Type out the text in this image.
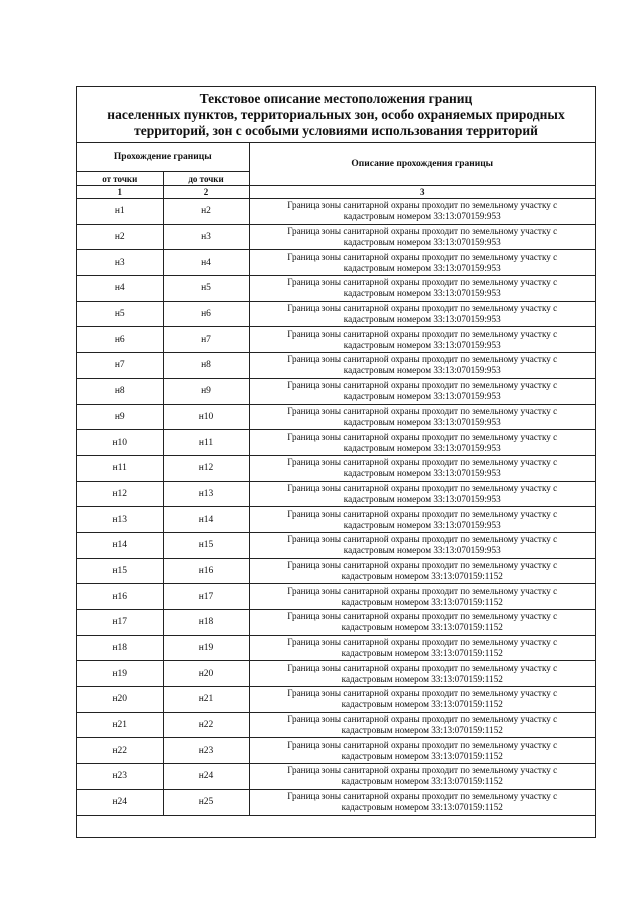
Текстовое описание местоположения границ
населенных пунктов, территориальных зон, особо охраняемых природных
территорий, зон с особыми условиями использования территорий
Прохождение границы		Описание прохождения границы
от точки	до точки	
1	2	3
н1	н2	Граница зоны санитарной охраны проходит по земельному участку с
кадастровым номером 33:13:070159:953

н2	н3	Граница зоны санитарной охраны проходит по земельному участку с
кадастровым номером 33:13:070159:953

н3	н4	Граница зоны санитарной охраны проходит по земельному участку с
кадастровым номером 33:13:070159:953

н4	н5	Граница зоны санитарной охраны проходит по земельному участку с
кадастровым номером 33:13:070159:953

н5	н6	Граница зоны санитарной охраны проходит по земельному участку с
кадастровым номером 33:13:070159:953

н6	н7	Граница зоны санитарной охраны проходит по земельному участку с
кадастровым номером 33:13:070159:953

н7	н8	Граница зоны санитарной охраны проходит по земельному участку с
кадастровым номером 33:13:070159:953

н8	н9	Граница зоны санитарной охраны проходит по земельному участку с
кадастровым номером 33:13:070159:953

н9	н10	Граница зоны санитарной охраны проходит по земельному участку с
кадастровым номером 33:13:070159:953

н10	н11	Граница зоны санитарной охраны проходит по земельному участку с
кадастровым номером 33:13:070159:953

н11	н12	Граница зоны санитарной охраны проходит по земельному участку с
кадастровым номером 33:13:070159:953

н12	н13	Граница зоны санитарной охраны проходит по земельному участку с
кадастровым номером 33:13:070159:953

н13	н14	Граница зоны санитарной охраны проходит по земельному участку с
кадастровым номером 33:13:070159:953

н14	н15	Граница зоны санитарной охраны проходит по земельному участку с
кадастровым номером 33:13:070159:953

н15	н16	Граница зоны санитарной охраны проходит по земельному участку с
кадастровым номером 33:13:070159:1152

н16	н17	Граница зоны санитарной охраны проходит по земельному участку с
кадастровым номером 33:13:070159:1152

н17	н18	Граница зоны санитарной охраны проходит по земельному участку с
кадастровым номером 33:13:070159:1152

н18	н19	Граница зоны санитарной охраны проходит по земельному участку с
кадастровым номером 33:13:070159:1152

н19	н20	Граница зоны санитарной охраны проходит по земельному участку с
кадастровым номером 33:13:070159:1152

н20	н21	Граница зоны санитарной охраны проходит по земельному участку с
кадастровым номером 33:13:070159:1152

н21	н22	Граница зоны санитарной охраны проходит по земельному участку с
кадастровым номером 33:13:070159:1152

н22	н23	Граница зоны санитарной охраны проходит по земельному участку с
кадастровым номером 33:13:070159:1152

н23	н24	Граница зоны санитарной охраны проходит по земельному участку с
кадастровым номером 33:13:070159:1152

н24	н25	Граница зоны санитарной охраны проходит по земельному участку с
кадастровым номером 33:13:070159:1152
